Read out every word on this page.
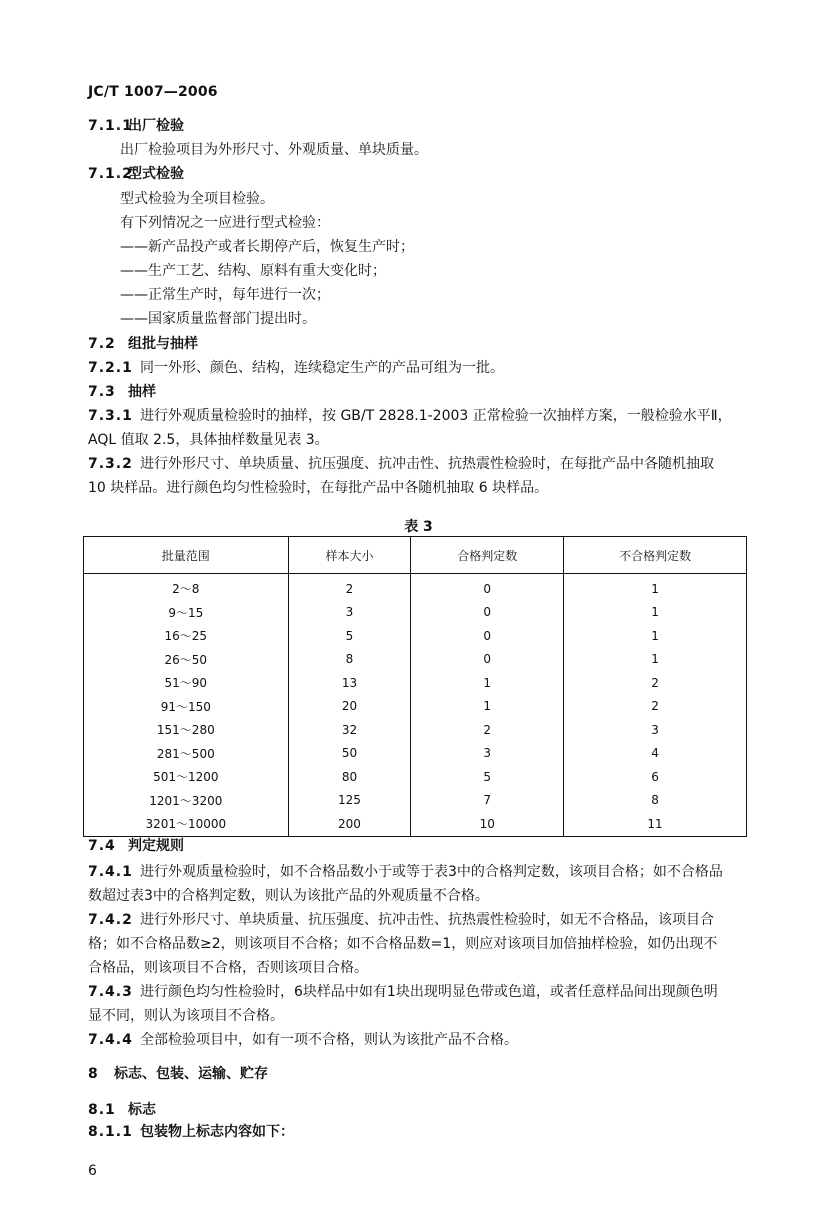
JC/T 1007—2006
7.1.1出厂检验
出厂检验项目为外形尺寸、外观质量、单块质量。
7.1.2型式检验
型式检验为全项目检验。
有下列情况之一应进行型式检验：
——新产品投产或者长期停产后，恢复生产时；
——生产工艺、结构、原料有重大变化时；
——正常生产时，每年进行一次；
——国家质量监督部门提出时。
7.2 组批与抽样
7.2.1 同一外形、颜色、结构，连续稳定生产的产品可组为一批。
7.3 抽样
7.3.1 进行外观质量检验时的抽样，按 GB/T 2828.1-2003 正常检验一次抽样方案，一般检验水平Ⅱ，
AQL 值取 2.5，具体抽样数量见表 3。
7.3.2 进行外形尺寸、单块质量、抗压强度、抗冲击性、抗热震性检验时，在每批产品中各随机抽取
10 块样品。进行颜色均匀性检验时，在每批产品中各随机抽取 6 块样品。
表 3
批量范围	样本大小	合格判定数	不合格判定数
2～8	2	0	1
9～15	3	0	1
16～25	5	0	1
26～50	8	0	1
51～90	13	1	2
91～150	20	1	2
151～280	32	2	3
281～500	50	3	4
501～1200	80	5	6
1201～3200	125	7	8
3201～10000	200	10	11
7.4 判定规则
7.4.1 进行外观质量检验时，如不合格品数小于或等于表3中的合格判定数，该项目合格；如不合格品
数超过表3中的合格判定数，则认为该批产品的外观质量不合格。
7.4.2 进行外形尺寸、单块质量、抗压强度、抗冲击性、抗热震性检验时，如无不合格品，该项目合
格；如不合格品数≥2，则该项目不合格；如不合格品数=1，则应对该项目加倍抽样检验，如仍出现不
合格品，则该项目不合格，否则该项目合格。
7.4.3 进行颜色均匀性检验时，6块样品中如有1块出现明显色带或色道，或者任意样品间出现颜色明
显不同，则认为该项目不合格。
7.4.4 全部检验项目中，如有一项不合格，则认为该批产品不合格。
8 标志、包装、运输、贮存
8.1 标志
8.1.1 包装物上标志内容如下：
6
